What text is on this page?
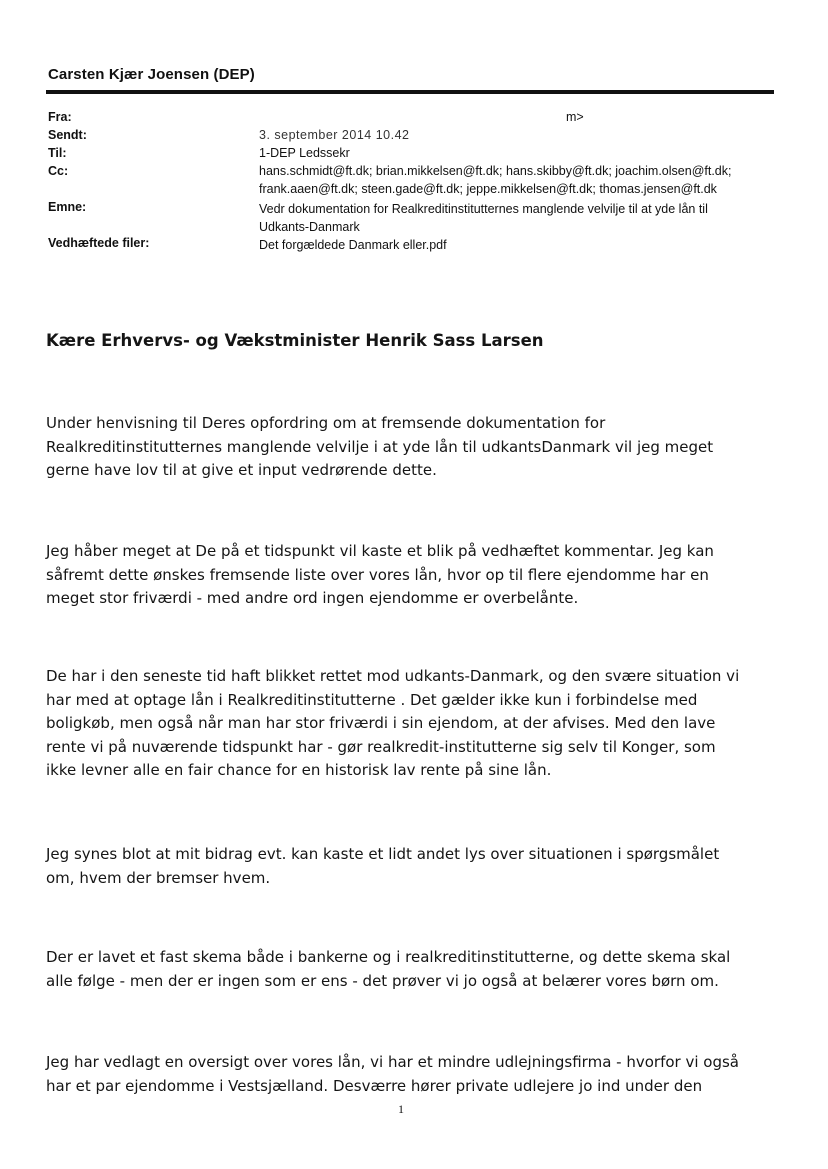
Carsten Kjær Joensen (DEP)
Fra:	m>
Sendt:	3. september 2014 10.42
Til:	1-DEP Ledssekr
Cc:	hans.schmidt@ft.dk; brian.mikkelsen@ft.dk; hans.skibby@ft.dk; joachim.olsen@ft.dk;
frank.aaen@ft.dk; steen.gade@ft.dk; jeppe.mikkelsen@ft.dk; thomas.jensen@ft.dk
Emne:	Vedr dokumentation for Realkreditinstitutternes manglende velvilje til at yde lån til
Udkants-Danmark
Vedhæftede filer:	Det forgældede Danmark eller.pdf
Kære Erhvervs- og Vækstminister Henrik Sass Larsen
Under henvisning til Deres opfordring om at fremsende dokumentation for
Realkreditinstitutternes manglende velvilje i at yde lån til udkantsDanmark vil jeg meget
gerne have lov til at give et input vedrørende dette.
Jeg håber meget at De på et tidspunkt vil kaste et blik på vedhæftet kommentar. Jeg kan
såfremt dette ønskes fremsende liste over vores lån, hvor op til flere ejendomme har en
meget stor friværdi - med andre ord ingen ejendomme er overbelånte.
De har i den seneste tid haft blikket rettet mod udkants-Danmark, og den svære situation vi
har med at optage lån i Realkreditinstitutterne . Det gælder ikke kun i forbindelse med
boligkøb, men også når man har stor friværdi i sin ejendom, at der afvises. Med den lave
rente vi på nuværende tidspunkt har - gør realkredit-institutterne sig selv til Konger, som
ikke levner alle en fair chance for en historisk lav rente på sine lån.
Jeg synes blot at mit bidrag evt. kan kaste et lidt andet lys over situationen i spørgsmålet
om, hvem der bremser hvem.
Der er lavet et fast skema både i bankerne og i realkreditinstitutterne, og dette skema skal
alle følge - men der er ingen som er ens - det prøver vi jo også at belærer vores børn om.
Jeg har vedlagt en oversigt over vores lån, vi har et mindre udlejningsfirma - hvorfor vi også
har et par ejendomme i Vestsjælland. Desværre hører private udlejere jo ind under den
1
